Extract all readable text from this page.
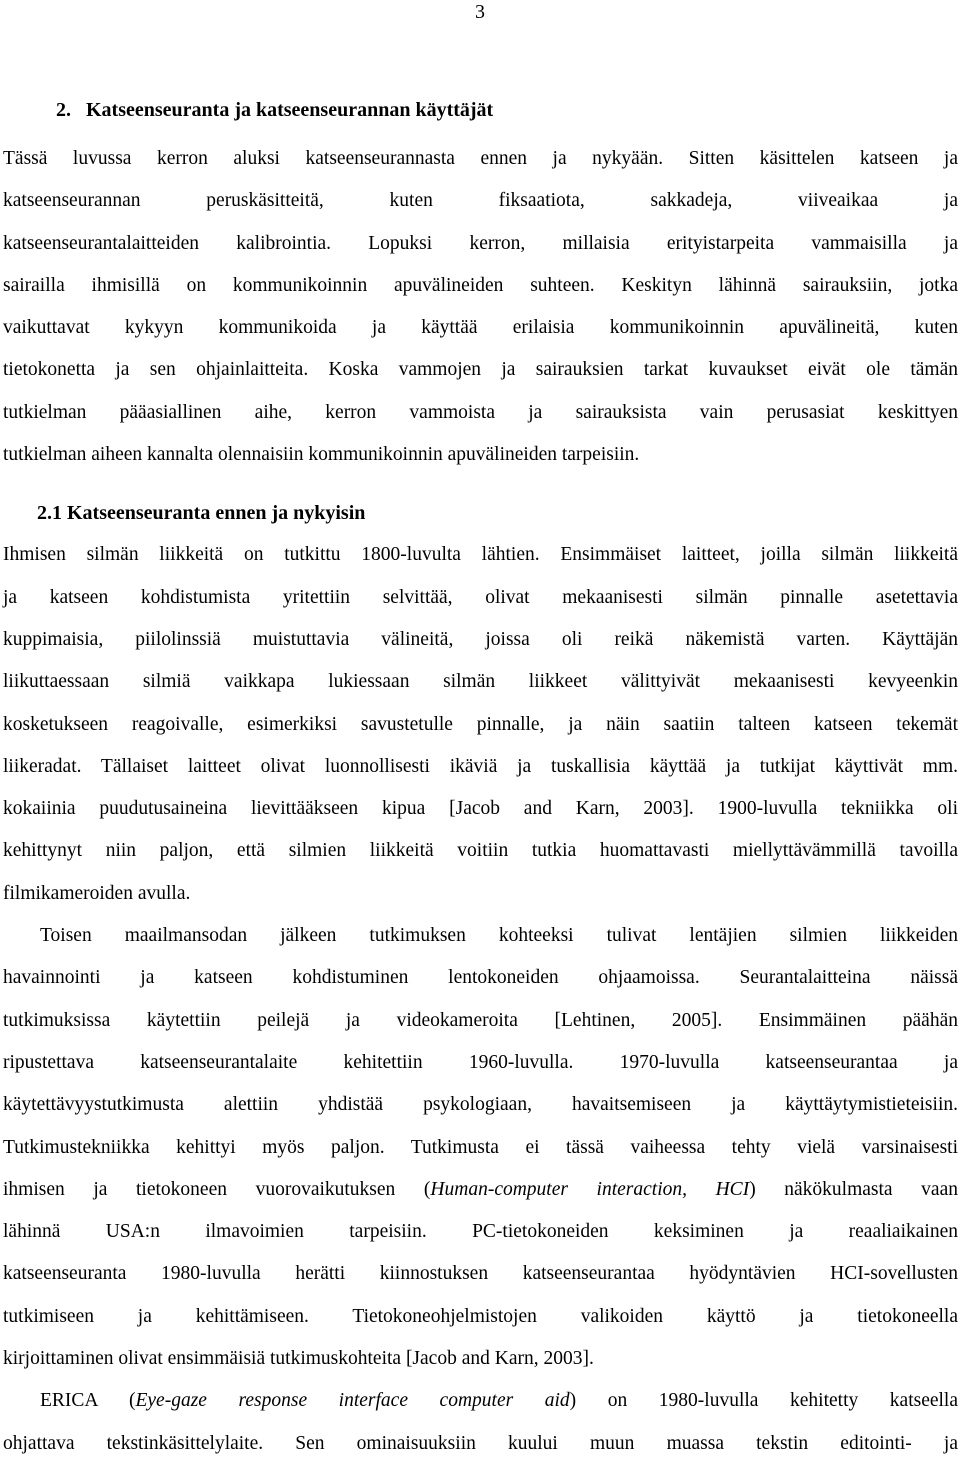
3
2.   Katseenseuranta ja katseenseurannan käyttäjät
Tässä luvussa kerron aluksi katseenseurannasta ennen ja nykyään. Sitten käsittelen katseen ja
katseenseurannan peruskäsitteitä, kuten fiksaatiota, sakkadeja, viiveaikaa ja
katseenseurantalaitteiden kalibrointia. Lopuksi kerron, millaisia erityistarpeita vammaisilla ja
sairailla ihmisillä on kommunikoinnin apuvälineiden suhteen. Keskityn lähinnä sairauksiin, jotka
vaikuttavat kykyyn kommunikoida ja käyttää erilaisia kommunikoinnin apuvälineitä, kuten
tietokonetta ja sen ohjainlaitteita. Koska vammojen ja sairauksien tarkat kuvaukset eivät ole tämän
tutkielman pääasiallinen aihe, kerron vammoista ja sairauksista vain perusasiat keskittyen
tutkielman aiheen kannalta olennaisiin kommunikoinnin apuvälineiden tarpeisiin.
2.1 Katseenseuranta ennen ja nykyisin
Ihmisen silmän liikkeitä on tutkittu 1800-luvulta lähtien. Ensimmäiset laitteet, joilla silmän liikkeitä
ja katseen kohdistumista yritettiin selvittää, olivat mekaanisesti silmän pinnalle asetettavia
kuppimaisia, piilolinssiä muistuttavia välineitä, joissa oli reikä näkemistä varten. Käyttäjän
liikuttaessaan silmiä vaikkapa lukiessaan silmän liikkeet välittyivät mekaanisesti kevyeenkin
kosketukseen reagoivalle, esimerkiksi savustetulle pinnalle, ja näin saatiin talteen katseen tekemät
liikeradat. Tällaiset laitteet olivat luonnollisesti ikäviä ja tuskallisia käyttää ja tutkijat käyttivät mm.
kokaiinia puudutusaineina lievittääkseen kipua [Jacob and Karn, 2003]. 1900-luvulla tekniikka oli
kehittynyt niin paljon, että silmien liikkeitä voitiin tutkia huomattavasti miellyttävämmillä tavoilla
filmikameroiden avulla.
Toisen maailmansodan jälkeen tutkimuksen kohteeksi tulivat lentäjien silmien liikkeiden
havainnointi ja katseen kohdistuminen lentokoneiden ohjaamoissa. Seurantalaitteina näissä
tutkimuksissa käytettiin peilejä ja videokameroita [Lehtinen, 2005]. Ensimmäinen päähän
ripustettava katseenseurantalaite kehitettiin 1960-luvulla. 1970-luvulla katseenseurantaa ja
käytettävyystutkimusta alettiin yhdistää psykologiaan, havaitsemiseen ja käyttäytymistieteisiin.
Tutkimustekniikka kehittyi myös paljon. Tutkimusta ei tässä vaiheessa tehty vielä varsinaisesti
ihmisen ja tietokoneen vuorovaikutuksen (Human-computer interaction, HCI) näkökulmasta vaan
lähinnä USA:n ilmavoimien tarpeisiin. PC-tietokoneiden keksiminen ja reaaliaikainen
katseenseuranta 1980-luvulla herätti kiinnostuksen katseenseurantaa hyödyntävien HCI-sovellusten
tutkimiseen ja kehittämiseen. Tietokoneohjelmistojen valikoiden käyttö ja tietokoneella
kirjoittaminen olivat ensimmäisiä tutkimuskohteita [Jacob and Karn, 2003].
ERICA (Eye-gaze response interface computer aid) on 1980-luvulla kehitetty katseella
ohjattava tekstinkäsittelylaite. Sen ominaisuuksiin kuului muun muassa tekstin editointi- ja
